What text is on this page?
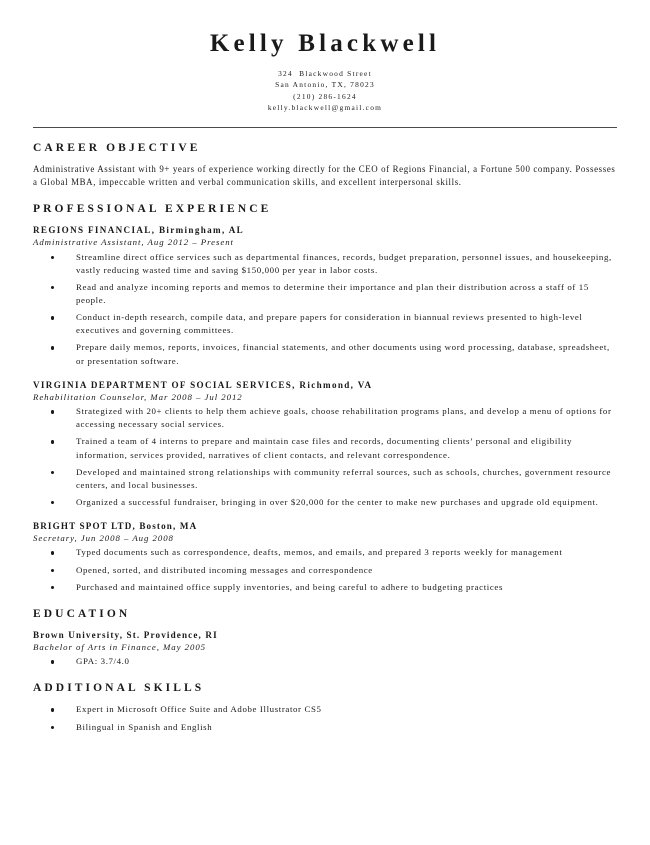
Kelly Blackwell

324  Blackwood Street

San Antonio, TX, 78023

(210) 286-1624

kelly.blackwell@gmail.com

CAREER OBJECTIVE

Administrative Assistant with 9+ years of experience working directly for the CEO of Regions Financial, a Fortune 500 company. Possesses a Global MBA, impeccable written and verbal communication skills, and excellent interpersonal skills.

PROFESSIONAL EXPERIENCE

REGIONS FINANCIAL, Birmingham, AL

Administrative Assistant, Aug 2012 – Present

Streamline direct office services such as departmental finances, records, budget preparation, personnel issues, and housekeeping, vastly reducing wasted time and saving $150,000 per year in labor costs.
Read and analyze incoming reports and memos to determine their importance and plan their distribution across a staff of 15 people.
Conduct in-depth research, compile data, and prepare papers for consideration in biannual reviews presented to high-level executives and governing committees.
Prepare daily memos, reports, invoices, financial statements, and other documents using word processing, database, spreadsheet, or presentation software.

VIRGINIA DEPARTMENT OF SOCIAL SERVICES, Richmond, VA

Rehabilitation Counselor, Mar 2008 – Jul 2012

Strategized with 20+ clients to help them achieve goals, choose rehabilitation programs plans, and develop a menu of options for accessing necessary social services.
Trained a team of 4 interns to prepare and maintain case files and records, documenting clients’ personal and eligibility information, services provided, narratives of client contacts, and relevant correspondence.
Developed and maintained strong relationships with community referral sources, such as schools, churches, government resource centers, and local businesses.
Organized a successful fundraiser, bringing in over $20,000 for the center to make new purchases and upgrade old equipment.

BRIGHT SPOT LTD, Boston, MA

Secretary, Jun 2008 – Aug 2008

Typed documents such as correspondence, deafts, memos, and emails, and prepared 3 reports weekly for management
Opened, sorted, and distributed incoming messages and correspondence
Purchased and maintained office supply inventories, and being careful to adhere to budgeting practices
EDUCATION

Brown University, St. Providence, RI

Bachelor of Arts in Finance, May 2005

GPA: 3.7/4.0
ADDITIONAL SKILLS
Expert in Microsoft Office Suite and Adobe Illustrator CS5
Bilingual in Spanish and English
